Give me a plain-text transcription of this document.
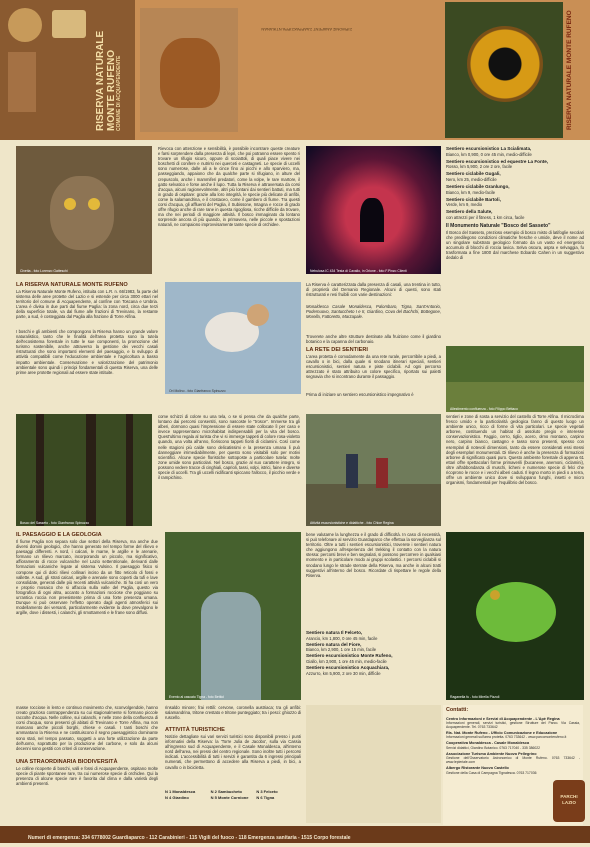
RISERVA NATURALE MONTE RUFENO COMUNE DI ACQUAPENDENTE
ΣΙΡΜΟΝΙΣ ΑΝΑΡΕΝΤ ΣΑΑΡΡΑΚΣΙΡΡΑ ΝΤΙΚΑΝΑΝ	RISERVA NATURALE MONTE RUFENO
Civetta - foto Lorenzo Gatteschi
Rievoca con attenzione e sensibilità, è possibile incontrare queste creature e farsi sorprendere dalla presenza di lepri, che poi potranno essere spento ri trovare un rifugio sicuro, oppure di scoiattoli, di quali piace vivere nei boschetti di conifere e nutrirsi nei querceti e castagneti. Le specie di uccelli sono numerose, dalle ali a le cince fino ai picchi e allo sparviero, ma, passeggiando, appaiono che da qualche parte si rifugiano, in alture del crepuscolo, anche i mammiferi predatori, come la volpe, le rare martore, il gatto selvatico e forse anche il lupo. Tutta la Riserva è attraversata da corsi d'acqua, alcuni ragionevolmente, altri più lontani dai sentieri battuti, ma tutti in grado di ospitare: grazie alla loro integrità, le specie più delicate di anfibi, come la salamandrina, e il crostaceo, come il gambero di fiume. Tra questi corsi d'acqua, gli affluenti del Paglia, il Subissone, Intagna e rocce di grado offre rifugio anche di rare rane in questa rigogliosa, ricche difficile da trovare, ma che nei periodi di maggiore attività. Il bosco immaginato da lontano sorprende ancora di più quando, in primavera, nelle piccole e spostazioni naturali, ne compaiono improvvisamente tante specie di orchidee.
Nebulosa IC 434 Testa di Cavallo, in Orione - foto F.Pinzo Cilenti
Sentiero escursionistico La Scialimata,
Bianco, km 0,900, 0 ore 45 min, medio-difficile
Sentiero escursionistico ed equestre La Fonte,
Rosso, km 5,900, 2 ore 2 ore, facile
Sentiero ciclabile Gugali,
Nero, km 25, medio-difficile
Sentiero ciclabile Granlungo,
Bianco, km 9, medio-facile
Sentiero ciclabile Bartoli,
Verde, km 9, medio
Sentiero della Salute,
con attrezzi per il fitness, 1 km circa, facile
Il Monumento Naturale "Bosco del Sasseto"
Il Bosco del Sasseto, prezioso esempio di bosco misto di latifoglie secolari che predilegono condizioni climatiche fresche e umide, deve il nome ad un singolare substrato geologico formato da un vasto ed energetico accumulo di blocchi di roccia lavica. Selva oscura, aspra e selvaggia, fu trasformata a fine 1800 dal marchese Edoardo Cahen in un suggestivo dedalo di
LA RISERVA NATURALE MONTE RUFENO
La Riserva Naturale Monte Rufeno, istituita con L.R. n. 66/1983, fa parte del sistema delle aree protette del Lazio e si estende per circa 3000 ettari nel territorio del comune di Acquapendente, al confine con Toscana e Umbria. L'area è divisa in due parti dal fiume Paglia: la zona nord, circa due terzi della superficie totale, va dal fiume alle frazioni di Trevinano, la restante parte, a sud, è costeggiata dal Paglia alla frazione di Torre Alfina.
I boschi e gli ambienti che compongono la Riserva hanno un grande valore naturalistico, tanto che le finalità dell'area protetta sono la tutela dell'ecosistema forestale in tutte le sue componenti, la promozione del turismo sostenibile, anche attraverso la gestione dei vecchi casali ristrutturati che sono importanti elementi del paesaggio, e lo sviluppo di attività compatibili come l'educazione ambientale e l'agricoltura a basso impatto ambientale. Conservazione e valorizzazione del patrimonio ambientale sono quindi i principi fondamentali di questa Riserva, una delle prime aree protette regionali ad essere state istituite.
Ori Molino - foto Gianfranco Spinuzzo
La Riserva è caratterizzata dalla presenza di casali, una trentina in tutto, di proprietà del Demanio Regionale. Alcuni di questi, sono stati ristrutturati e resi fruibili con varie destinazioni:
Monaldesca Casale Monaldesca, Palombaro, Tigna, Sant'Antonio, Podernuovo, Santuccheto I e II, Giardino, Cova del Bachchi, Bottegone, Morella, Fattoretto, Marzapale.
Troverete anche altre strutture destinate alla fruizione come il giardino botanico e la capanna del carbonaio.
LA RETE DEI SENTIERI
L'area protetta è comodamente da una rete rurale, percorribile a piedi, a cavallo o in bici, dalla quale si snodano itinerari speciali, sentieri escursionistici, sentieri natura e piste ciclabili. Ad ogni percorso attrezzato è stato attribuito un colore specifico, riportato sui paletti segnavia che si incontrano durante il passaggio.
Prima di iniziare un sentiero escursionistico impegnativo è
Allestimento confluenza - foto Filippo Bettaco
Bosco del Sasseto - foto Gianfranco Spinuzzo
come schizzi di colore su una tela, o se si pensa che da qualche parte, lontano dai percorsi consentiti, sono nascoste le "trosce". Immerse tra gli alberi, dormono quasi l'impressione di essere state collocate lì per caso e invece rappresentano microhabitat indispensabili per la vita del bosco. Quest'ultimo regala al turista che vi si immerge tappeti di colore rosa-violetto quando, una volta all'anno, fioriscono tappeti fioriti di ciclamini. Così come nelle stagioni più calde sono delicatissimi e la presenza umana li può danneggiare irrimediabilmente, per questo sono visitabili solo per motivi scientifici. Alcune specie floristiche sottoposte a particolare tutela: molte zone umide sono particolari. Nel bosco, grazie al suo carattere integro, si possono vedere tracce di cinghiali, caprioli, tassi, volpi, istrici, faine e diverse specie di uccelli. Tra gli uccelli nidificanti spiccano l'allocco, il picchio verde e il rampichino.
Attività escursionistiche e didattiche - foto Chloe Regina
sentieri e zone di sosta a servizio del castello di Torre Alfina. Il microclima fresco umido e la particolarità geologica fanno di questo luogo un ambiente unico, ricco di forme di vita particolari. Le specie vegetali arboree, costituendo un habitat di assoluto pregio e interesse conservazionistico. Faggio, cerro, tiglio, acero, olmo montano, carpino nero, carpino bianco, castagno e tasso sono presenti, spesso con esemplari di notevoli dimensioni, tanto da essere considerati essi stessi degli esemplari monumentali. Di rilievo è anche la presenza di formazioni arboree di significato quasi puro. Questo ambiente forestale di appena 61 ettari offre spettacolari forme primaverili (bucaneve, anemoni, ciclamini), oltre all'abbondanza di muschi, licheni e numerose specie di felci che ricoprono le rocce e i vecchi alberi caduti. Il legno morto in piedi o a terra, offre un ambiente unico dove si sviluppano funghi, insetti e micro organismi, fondamentali per l'equilibrio del bosco.
IL PAESAGGIO E LA GEOLOGIA
Il fiume Paglia non separa solo due settori della Riserva, ma anche due diversi domini geologici, che hanno generato nel tempo forme del rilievo e paesaggi differenti. A nord, i calcari, le marne, le argille e le arenarie, formano un rilievo marcato, incorporando un piccolo, ma significativo, affioramento di rocce vulcaniche nel Lazio settentrionale, derivanti dalle formazioni vulcaniche legate al sistema Vulsino. Il paesaggio fisico si compone qui di dolci rilievi collinari inciso da un fitto reticolo di fossi e vallette. A sud, gli strati calcari, argille e arenarie sono coperti da tufi e lave consolidate, generati dalle più recenti attività vulcaniche. Si ha così un vero e proprio mosaico che si affaccia sulla valle del Paglia, questo via fotografica di ogni altra, accanto a formazioni rocciose che poggiano su un'antica roccia non preesistente prima di una forte presenza umana. Dunque si può osservare l'effetto operato dagli agenti atmosferici sui modellamento dei versanti, particolarmente evidente la dove prevalgono le argille, dove i dissesti, i calanchi, gli smottamenti e le frane sono diffusi.
Evento al cascato Tigna - foto Bettiol
bene valutarne la lunghezza e il grado di difficoltà. In caso di necessità, si può telefonare al servizio Guardaparco che effettua la sorveglianza sul territorio. Oltre a tutti i sentieri escursionistici, troverete i sentieri natura che aggiungono all'esperienza del trekking il contatto con la natura stessa: percorsi brevi e ben segnalati, si possono percorrere in qualsiasi momento e in particolare modo ai gruppi scolastici. I percorsi ciclabili si snodano lungo le strade sterrate della Riserva, ma anche in alcuni tratti suggestivi all'interno del bosco. Ricordate di rispettare le regole della Riserva.
Sentiero natura Il Felceto,
Arancio, km 1,800, 0 ore 45 min, facile
Sentiero natura del Fiore,
Bianco, km 2,900, 1 ore 15 min, facile
Sentiero escursionistico Monte Rufeno,
Giallo, km 3,900, 1 ore 45 min, medio-facile
Sentiero escursionistico Acquachiara,
Azzurro, km 5,900, 2 ore 30 min, difficile
Raganella fu - foto Mirella Pizzoli
masse rocciose in lento e continuo movimento che, sconvolgendole, hanno creato grazioso contrappendenza su cui stagionalmente si formano piccole raccolte d'acqua. Nelle colline, sui calanchi, e nelle zone della confluenza di corsi d'acqua, sono presenti gli abitati di Trevinano e Torre Alfina, ma non mancano anche piccoli borghi, chiese e casali. I tanti boschi che ammantano la Riserva e ne costituiscono il segno paesaggistico dominante sono stati, nel tempo passato, soggetti a una forte utilizzazione da parte dell'uomo, soprattutto per la produzione del carbone, e solo da alcuni decenni sono gestiti con criteri di conservazione.
UNA STRAORDINARIA BIODIVERSITÀ
Le colline ricoperte di boschi, valli e fossi di Acquapendente, ospitano molte specie di piante spontanee rare, tra cui numerose specie di orchidee. Qui la presenza di alcune specie rare è favorita dal clima e dalla varietà degli ambienti presenti.
rinsaldo minore; frai rettili: cervone, coronella austriaca; tra gli anfibi: salamandrina, tritone crestato e tritone punteggiato; tra i pesci: ghiozzo di ruscello.
ATTIVITÀ TURISTICHE
Notizie dettagliate sui vari servizi turistici sono disponibili presso i punti informativi della Riserva: la 'Torre Julia de Jacobo', sulla via Cassia all'ingresso sud di Acquapendente, e il Casale Monaldesca, all'interno nord dell'area, nei pressi del centro regionale. Sono inoltre tutti i percorsi indicati. L'accessibilità di tutti i servizi è garantita da 6 ingressi principali numerati, che permettono di accedere alla Riserva a piedi, in bici, a cavallo o in bicicletta.
N 1 Monaldesca	N 2 Sambucheto	N 3 Felceto
N 4 Giardino	N 5 Monte Cornione	N 6 Tigna
Contatti:
Centro Informazioni e Servizi di Acquapendente - L'Apè Regina
Informazioni generali, servizi turistici, gestione Strutture del Parco. Via Cassia, Acquapendente. Tel. 0763 733642
Ris. Nat. Monte Rufeno - Ufficio Comunicazione e Educazione
Informazioni generali sull'area protetta. 0763 733642 - www.parcomonterufeno.it
Cooperativa Monaldesca - Casale Monaldesca
Servizi didattici, Giardino Botanico. 0763 717040 - 335 386022
Associazione Turismo Ambiente Nuovo Pellegrino
Gestione dell'Osservatorio Astronomico di Monte Rufeno. 0763 733642 - www.lepieriale.com
Albergo Ristorante Nuovo Castello
Gestione della Casa di Campagna Tignalesca. 0763 717036
PARCHI LAZIO
Numeri di emergenza: 334 6778002 Guardiaparco - 112 Carabinieri - 115 Vigili del fuoco - 118 Emergenza sanitaria - 1515 Corpo forestale
